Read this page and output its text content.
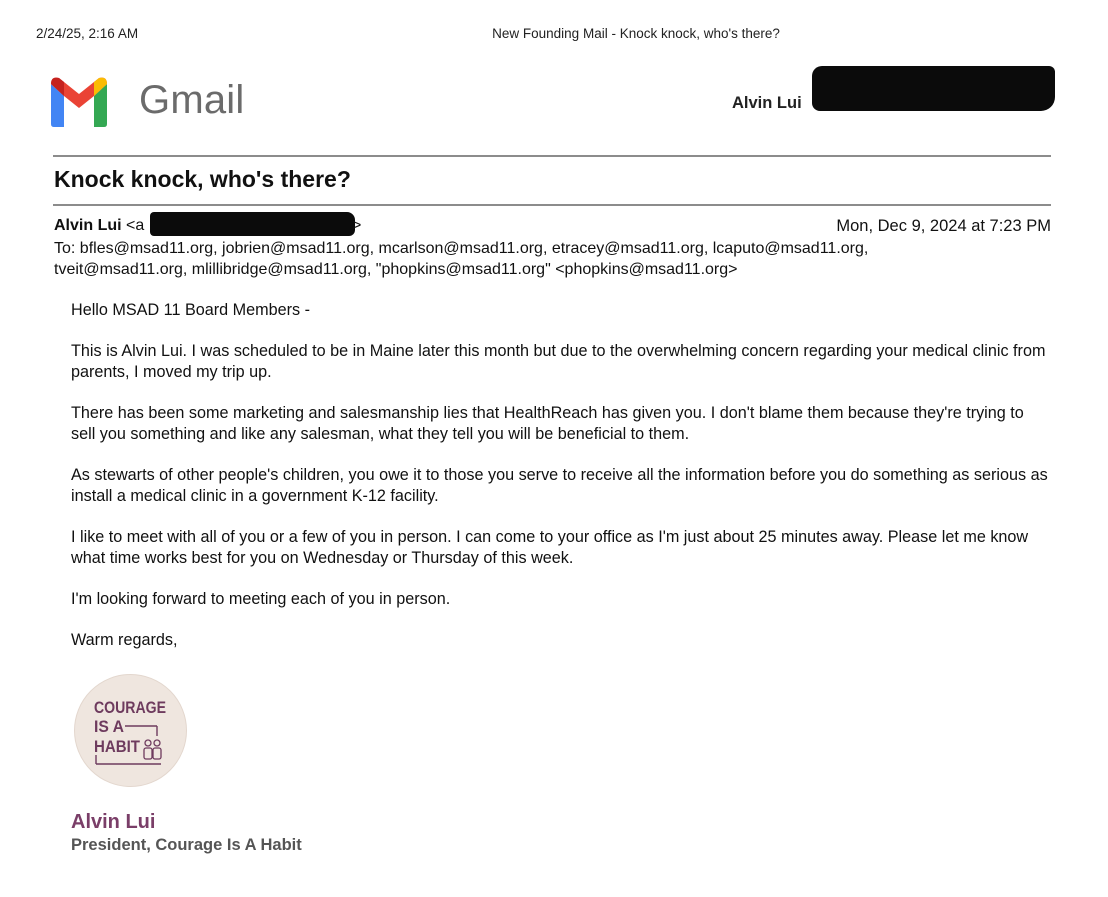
2/24/25, 2:16 AM	New Founding Mail - Knock knock, who's there?
Gmail	Alvin Lui
Knock knock, who's there?
Alvin Lui <a	>	Mon, Dec 9, 2024 at 7:23 PM
To: bfles@msad11.org, jobrien@msad11.org, mcarlson@msad11.org, etracey@msad11.org, lcaputo@msad11.org,
tveit@msad11.org, mlillibridge@msad11.org, "phopkins@msad11.org" <phopkins@msad11.org>

Hello MSAD 11 Board Members -

This is Alvin Lui. I was scheduled to be in Maine later this month but due to the overwhelming concern regarding your medical clinic from parents, I moved my trip up.

There has been some marketing and salesmanship lies that HealthReach has given you. I don't blame them because they're trying to sell you something and like any salesman, what they tell you will be beneficial to them.

As stewarts of other people's children, you owe it to those you serve to receive all the information before you do something as serious as install a medical clinic in a government K-12 facility.

I like to meet with all of you or a few of you in person. I can come to your office as I'm just about 25 minutes away. Please let me know what time works best for you on Wednesday or Thursday of this week.

I'm looking forward to meeting each of you in person.

Warm regards,

COURAGE
IS A
HABIT
Alvin Lui
President, Courage Is A Habit
